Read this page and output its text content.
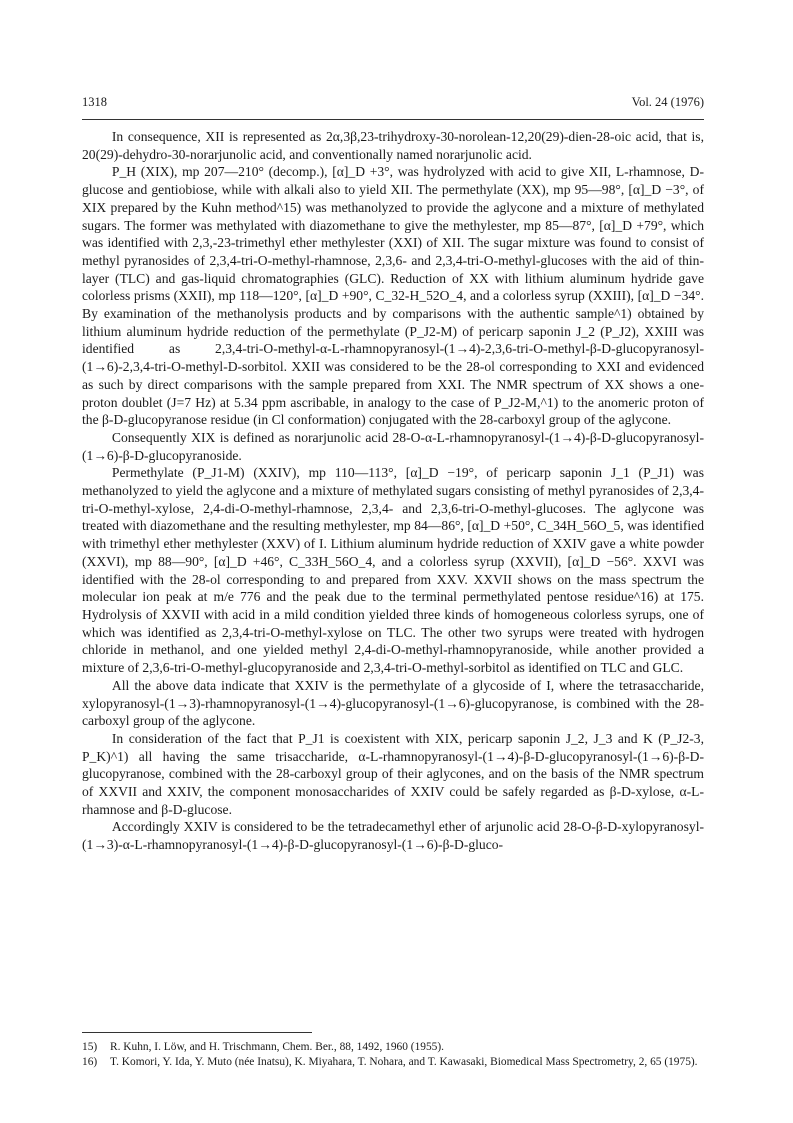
1318	Vol. 24 (1976)

In consequence, XII is represented as 2α,3β,23-trihydroxy-30-norolean-12,20(29)-dien-28-oic acid, that is, 20(29)-dehydro-30-norarjunolic acid, and conventionally named norarjunolic acid.

P_H (XIX), mp 207—210° (decomp.), [α]_D +3°, was hydrolyzed with acid to give XII, L-rhamnose, D-glucose and gentiobiose, while with alkali also to yield XII. The permethylate (XX), mp 95—98°, [α]_D −3°, of XIX prepared by the Kuhn method^15) was methanolyzed to provide the aglycone and a mixture of methylated sugars. The former was methylated with diazomethane to give the methylester, mp 85—87°, [α]_D +79°, which was identified with 2,3,-23-trimethyl ether methylester (XXI) of XII. The sugar mixture was found to consist of methyl pyranosides of 2,3,4-tri-O-methyl-rhamnose, 2,3,6- and 2,3,4-tri-O-methyl-glucoses with the aid of thin-layer (TLC) and gas-liquid chromatographies (GLC). Reduction of XX with lithium aluminum hydride gave colorless prisms (XXII), mp 118—120°, [α]_D +90°, C_32-H_52O_4, and a colorless syrup (XXIII), [α]_D −34°. By examination of the methanolysis products and by comparisons with the authentic sample^1) obtained by lithium aluminum hydride reduction of the permethylate (P_J2-M) of pericarp saponin J_2 (P_J2), XXIII was identified as 2,3,4-tri-O-methyl-α-L-rhamnopyranosyl-(1→4)-2,3,6-tri-O-methyl-β-D-glucopyranosyl-(1→6)-2,3,4-tri-O-methyl-D-sorbitol. XXII was considered to be the 28-ol corresponding to XXI and evidenced as such by direct comparisons with the sample prepared from XXI. The NMR spectrum of XX shows a one-proton doublet (J=7 Hz) at 5.34 ppm ascribable, in analogy to the case of P_J2-M,^1) to the anomeric proton of the β-D-glucopyranose residue (in Cl conformation) conjugated with the 28-carboxyl group of the aglycone.

Consequently XIX is defined as norarjunolic acid 28-O-α-L-rhamnopyranosyl-(1→4)-β-D-glucopyranosyl-(1→6)-β-D-glucopyranoside.

Permethylate (P_J1-M) (XXIV), mp 110—113°, [α]_D −19°, of pericarp saponin J_1 (P_J1) was methanolyzed to yield the aglycone and a mixture of methylated sugars consisting of methyl pyranosides of 2,3,4-tri-O-methyl-xylose, 2,4-di-O-methyl-rhamnose, 2,3,4- and 2,3,6-tri-O-methyl-glucoses. The aglycone was treated with diazomethane and the resulting methylester, mp 84—86°, [α]_D +50°, C_34H_56O_5, was identified with trimethyl ether methylester (XXV) of I. Lithium aluminum hydride reduction of XXIV gave a white powder (XXVI), mp 88—90°, [α]_D +46°, C_33H_56O_4, and a colorless syrup (XXVII), [α]_D −56°. XXVI was identified with the 28-ol corresponding to and prepared from XXV. XXVII shows on the mass spectrum the molecular ion peak at m/e 776 and the peak due to the terminal permethylated pentose residue^16) at 175. Hydrolysis of XXVII with acid in a mild condition yielded three kinds of homogeneous colorless syrups, one of which was identified as 2,3,4-tri-O-methyl-xylose on TLC. The other two syrups were treated with hydrogen chloride in methanol, and one yielded methyl 2,4-di-O-methyl-rhamnopyranoside, while another provided a mixture of 2,3,6-tri-O-methyl-glucopyranoside and 2,3,4-tri-O-methyl-sorbitol as identified on TLC and GLC.

All the above data indicate that XXIV is the permethylate of a glycoside of I, where the tetrasaccharide, xylopyranosyl-(1→3)-rhamnopyranosyl-(1→4)-glucopyranosyl-(1→6)-glucopyranose, is combined with the 28-carboxyl group of the aglycone.

In consideration of the fact that P_J1 is coexistent with XIX, pericarp saponin J_2, J_3 and K (P_J2-3, P_K)^1) all having the same trisaccharide, α-L-rhamnopyranosyl-(1→4)-β-D-glucopyranosyl-(1→6)-β-D-glucopyranose, combined with the 28-carboxyl group of their aglycones, and on the basis of the NMR spectrum of XXVII and XXIV, the component monosaccharides of XXIV could be safely regarded as β-D-xylose, α-L-rhamnose and β-D-glucose.

Accordingly XXIV is considered to be the tetradecamethyl ether of arjunolic acid 28-O-β-D-xylopyranosyl-(1→3)-α-L-rhamnopyranosyl-(1→4)-β-D-glucopyranosyl-(1→6)-β-D-gluco-

15)	R. Kuhn, I. Löw, and H. Trischmann, Chem. Ber., 88, 1492, 1960 (1955).
16)	T. Komori, Y. Ida, Y. Muto (née Inatsu), K. Miyahara, T. Nohara, and T. Kawasaki, Biomedical Mass Spectrometry, 2, 65 (1975).
